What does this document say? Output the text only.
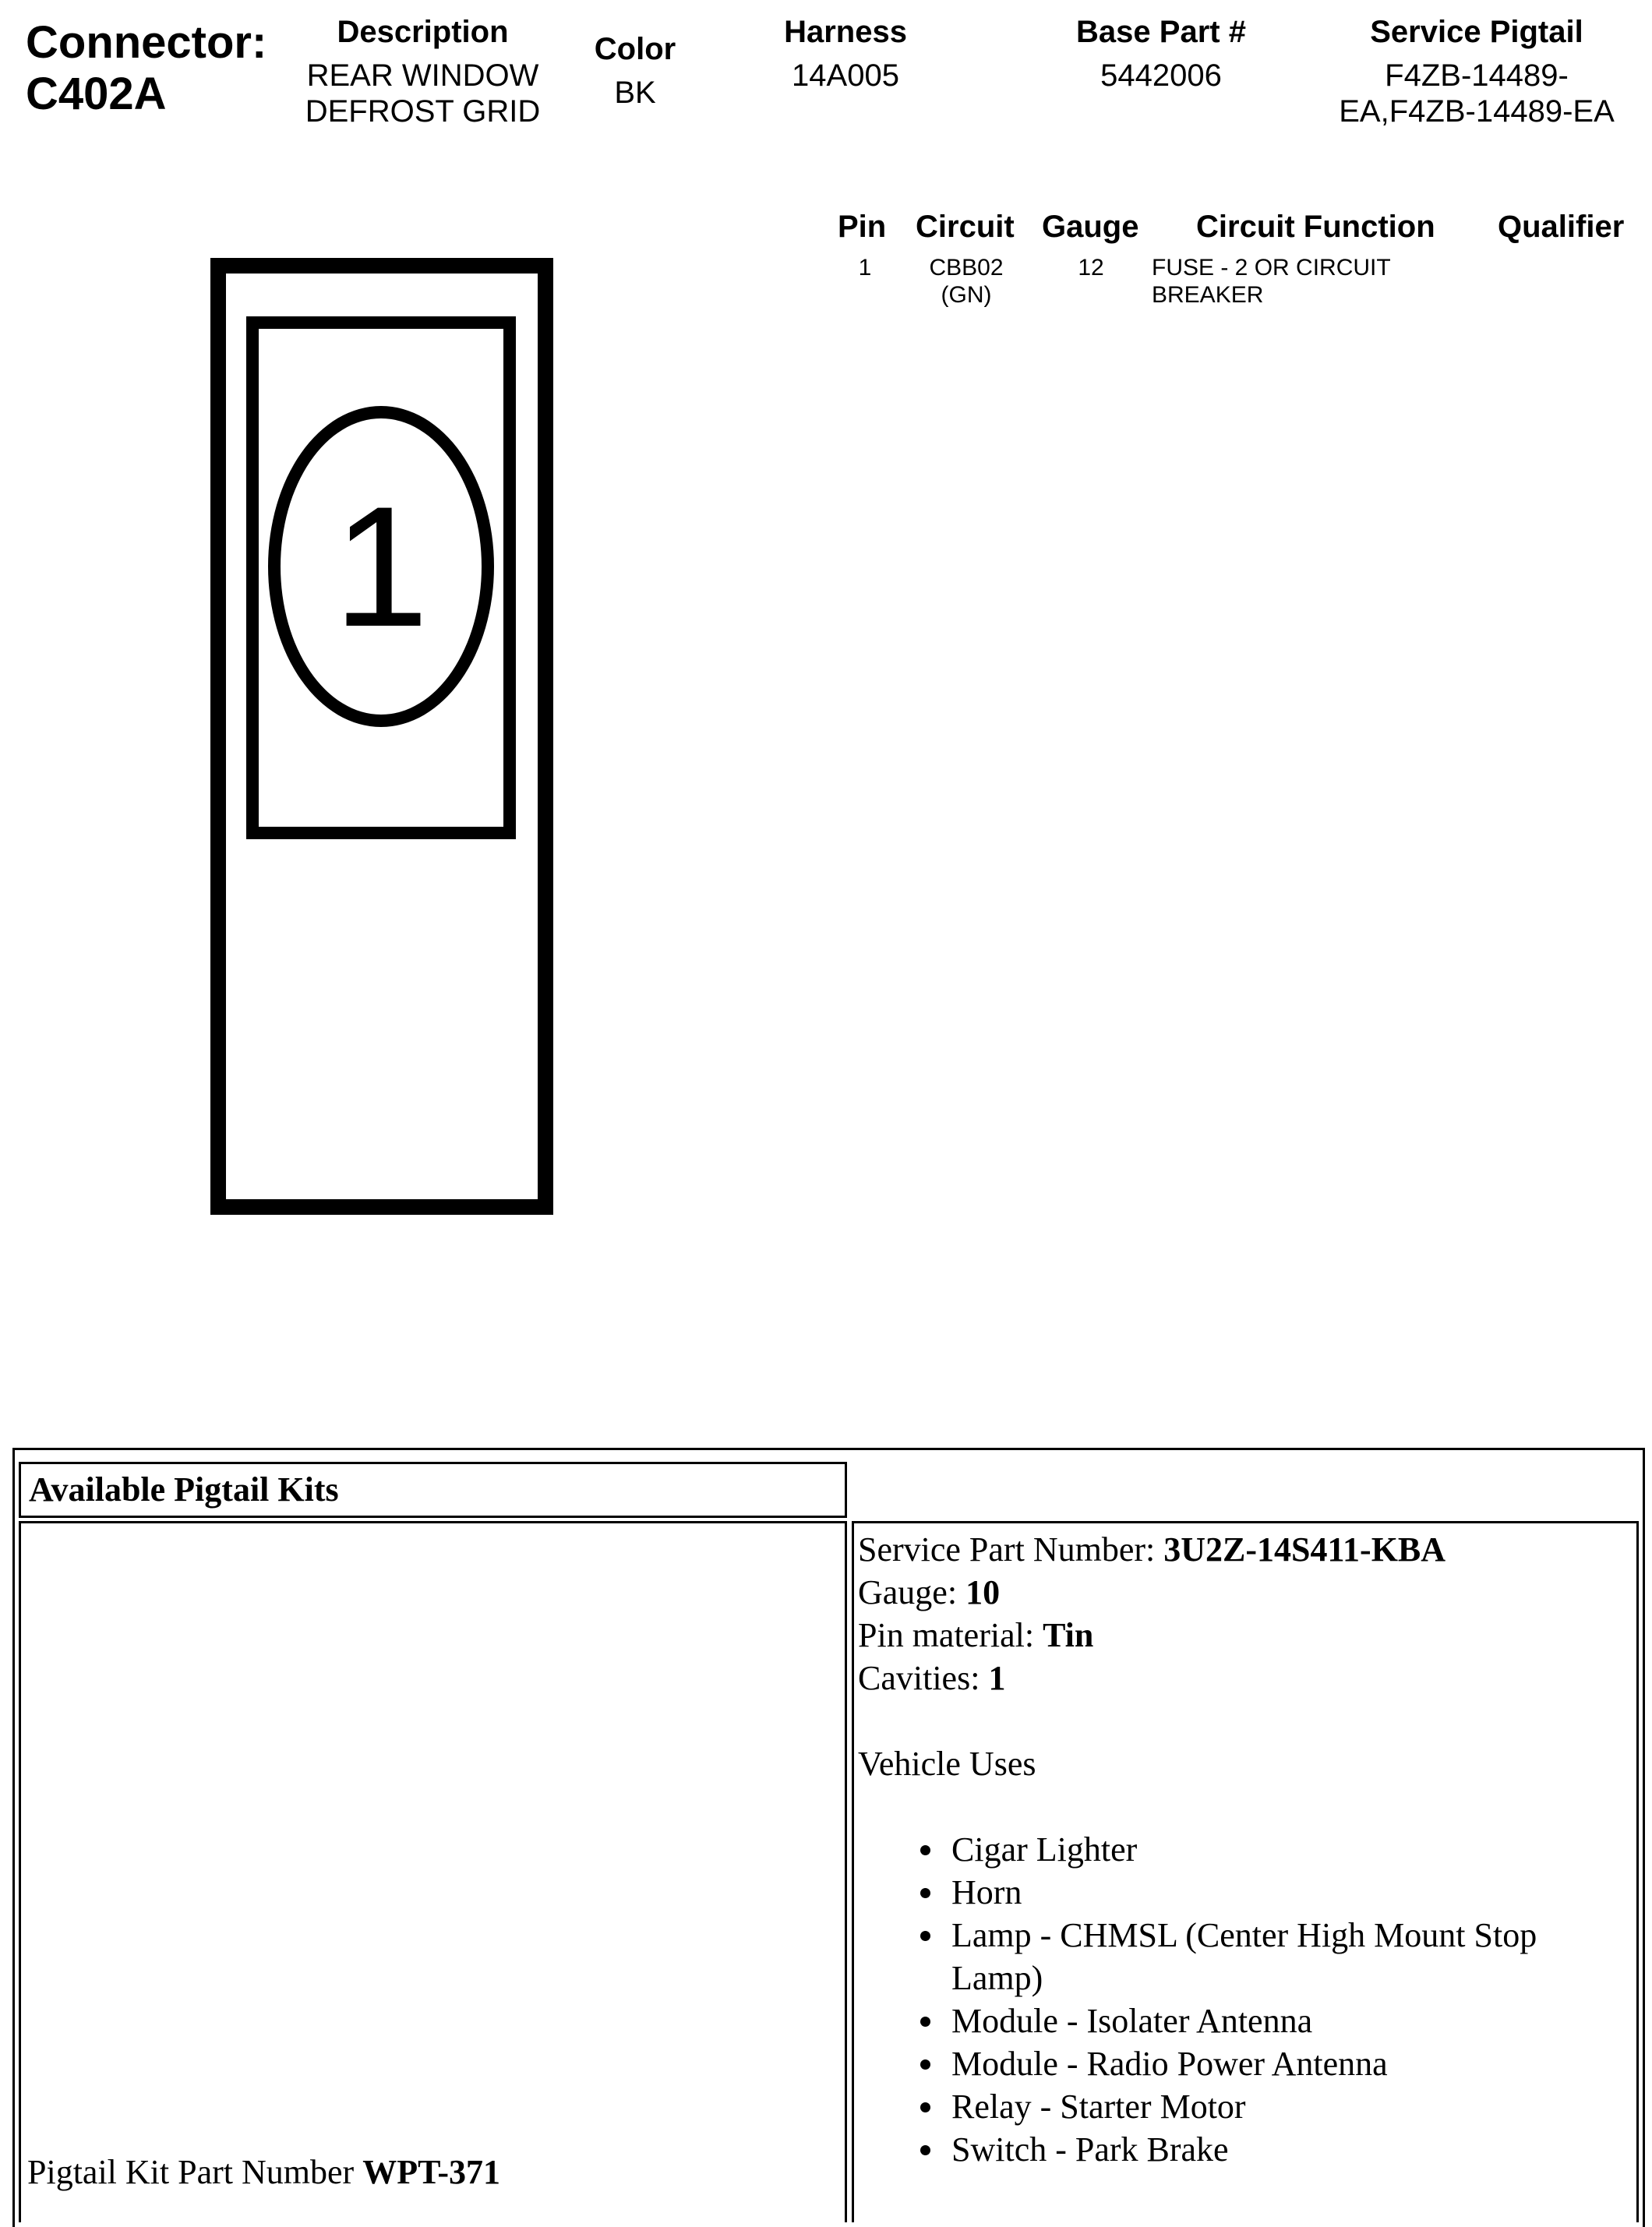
Connector:
C402A
Description
REAR WINDOW
DEFROST GRID
Color
BK
Harness
14A005
Base Part #
5442006
Service Pigtail
F4ZB-14489-
EA,F4ZB-14489-EA
Pin Circuit Gauge Circuit Function Qualifier
1	CBB02
(GN)
12 FUSE - 2 OR CIRCUIT
BREAKER
1
Available Pigtail Kits
Pigtail Kit Part Number WPT-371
Service Part Number: 3U2Z-14S411-KBA
Gauge: 10
Pin material: Tin
Cavities: 1
Vehicle Uses
Cigar Lighter
Horn
Lamp - CHMSL (Center High Mount Stop Lamp)
Module - Isolater Antenna
Module - Radio Power Antenna
Relay - Starter Motor
Switch - Park Brake
